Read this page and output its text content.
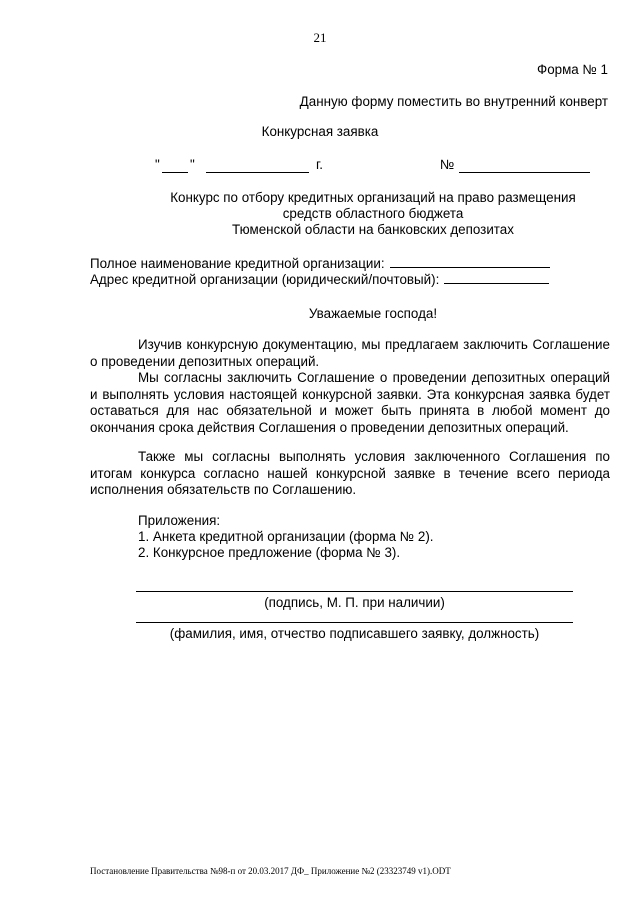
21
Форма № 1
Данную форму поместить во внутренний конверт
Конкурсная заявка
" "	г.	№
Конкурс по отбору кредитных организаций на право размещения
средств областного бюджета
Тюменской области на банковских депозитах
Полное наименование кредитной организации:
Адрес кредитной организации (юридический/почтовый):
Уважаемые господа!
Изучив конкурсную документацию, мы предлагаем заключить Соглашение о проведении депозитных операций.
Мы согласны заключить Соглашение о проведении депозитных операций и выполнять условия настоящей конкурсной заявки. Эта конкурсная заявка будет оставаться для нас обязательной и может быть принята в любой момент до окончания срока действия Соглашения о проведении депозитных операций.
Также мы согласны выполнять условия заключенного Соглашения по итогам конкурса согласно нашей конкурсной заявке в течение всего периода исполнения обязательств по Соглашению.
Приложения:
1. Анкета кредитной организации (форма № 2).
2. Конкурсное предложение (форма № 3).
(подпись, М. П. при наличии)
(фамилия, имя, отчество подписавшего заявку, должность)
Постановление Правительства №98-п от 20.03.2017 ДФ_ Приложение №2 (23323749 v1).ODT
